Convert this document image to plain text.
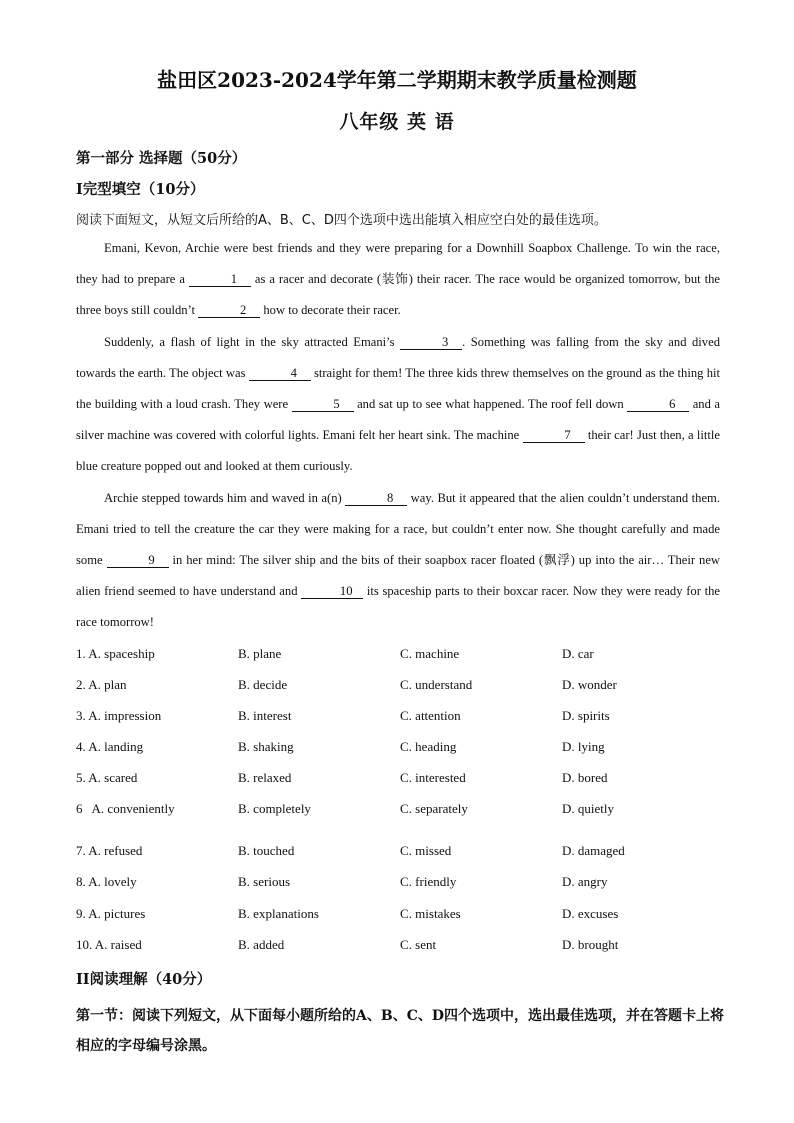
盐田区2023-2024学年第二学期期末教学质量检测题
八年级 英 语
第一部分 选择题（50分）
I完型填空（10分）
阅读下面短文，从短文后所给的A、B、C、D四个选项中选出能填入相应空白处的最佳选项。

Emani, Kevon, Archie were best friends and they were preparing for a Downhill Soapbox Challenge. To win the race, they had to prepare a	1 as a racer and decorate (装饰) their racer. The race would be organized tomorrow, but the three boys still couldn’t	2 how to decorate their racer.

Suddenly, a flash of light in the sky attracted Emani’s	3 . Something was falling from the sky and dived towards the earth. The object was	4 straight for them! The three kids threw themselves on the ground as the thing hit the building with a loud crash. They were	5 and sat up to see what happened. The roof fell down	6 and a silver machine was covered with colorful lights. Emani felt her heart sink. The machine	7 their car! Just then, a little blue creature popped out and looked at them curiously.

Archie stepped towards him and waved in a(n)	8 way. But it appeared that the alien couldn’t understand them. Emani tried to tell the creature the car they were making for a race, but couldn’t enter now. She thought carefully and made some	9 in her mind: The silver ship and the bits of their soapbox racer floated (飘浮) up into the air… Their new alien friend seemed to have understand and	10 its spaceship parts to their boxcar racer. Now they were ready for the race tomorrow!

1. A. spaceship	B. plane	C. machine	D. car
2. A. plan	B. decide	C. understand	D. wonder
3. A. impression	B. interest	C. attention	D. spirits
4. A. landing	B. shaking	C. heading	D. lying
5. A. scared	B. relaxed	C. interested	D. bored
6   A. conveniently	B. completely	C. separately	D. quietly
7. A. refused	B. touched	C. missed	D. damaged
8. A. lovely	B. serious	C. friendly	D. angry
9. A. pictures	B. explanations	C. mistakes	D. excuses
10. A. raised	B. added	C. sent	D. brought
II阅读理解（40分）
第一节：阅读下列短文，从下面每小题所给的A、B、C、D四个选项中，选出最佳选项，并在答题卡上将相应的字母编号涂黑。
